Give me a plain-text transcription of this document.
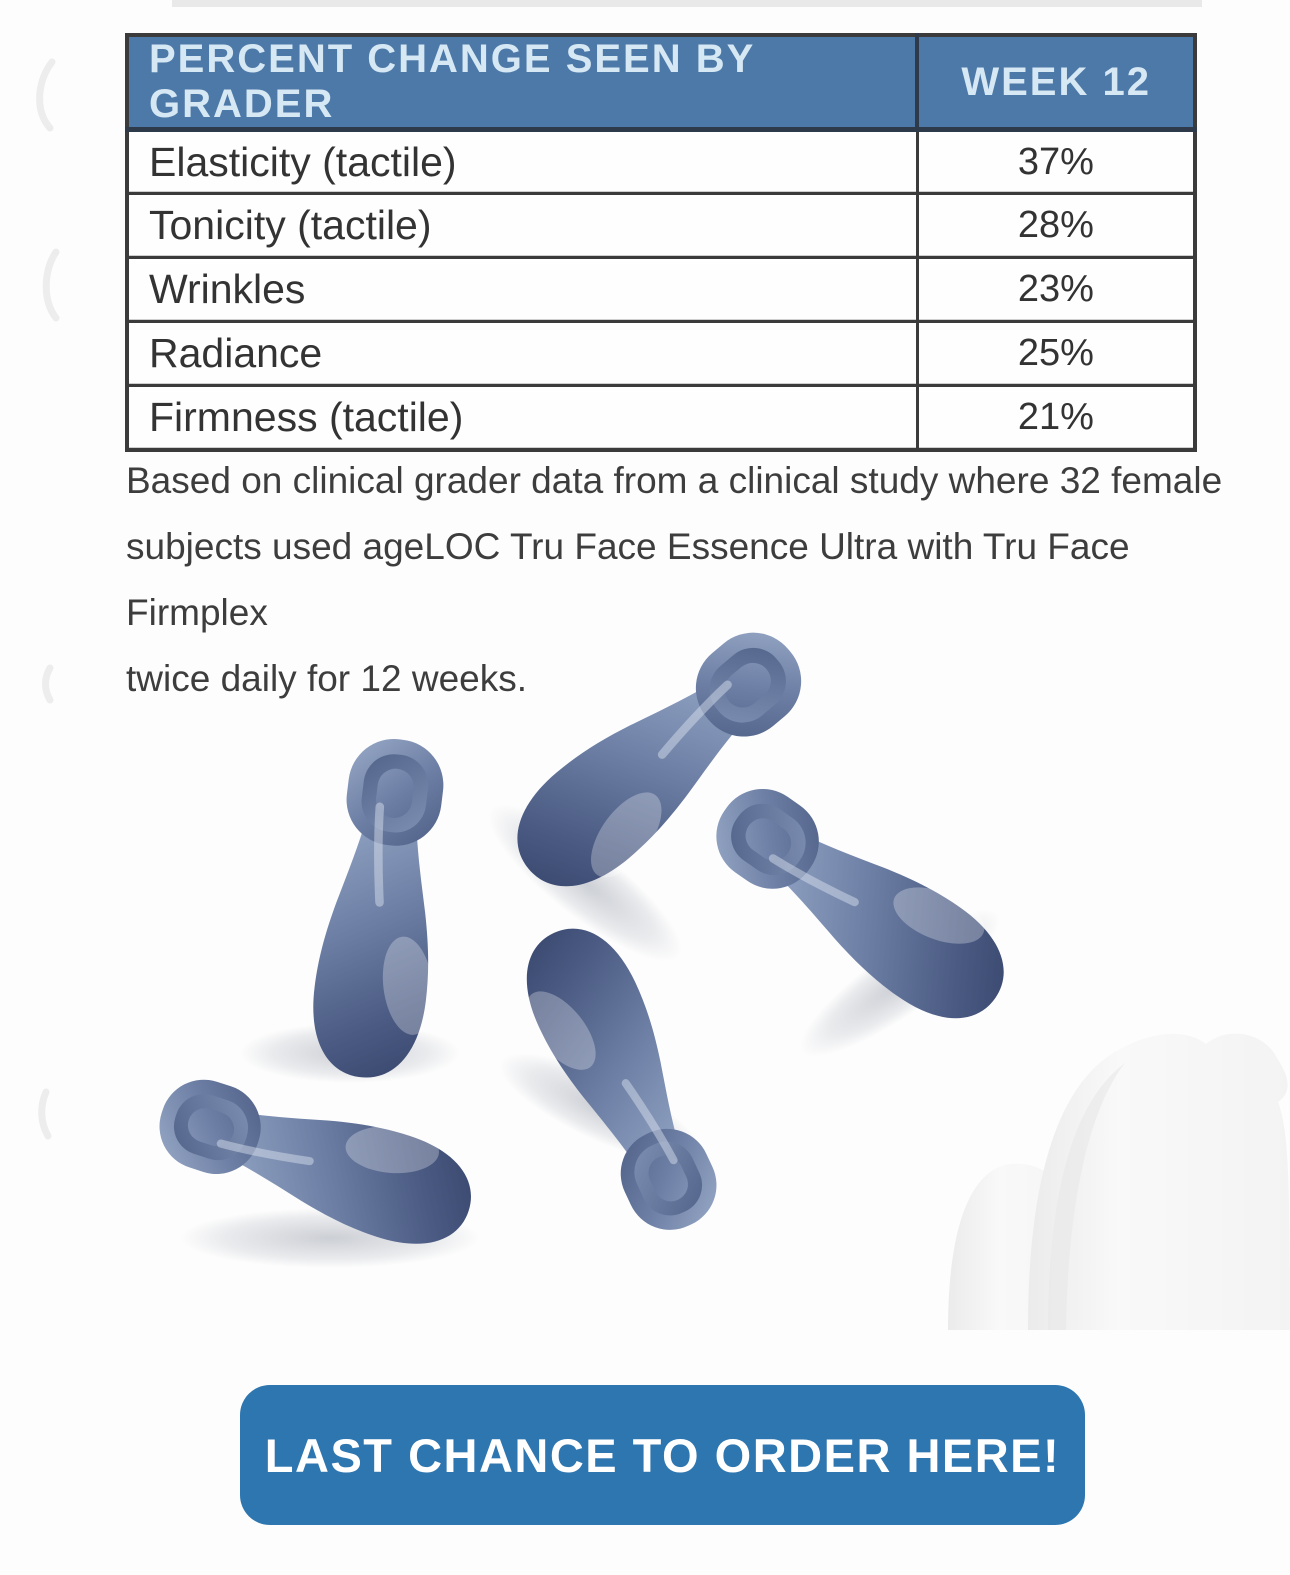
PERCENT CHANGE SEEN BY GRADER	WEEK 12
Elasticity (tactile)	37%
Tonicity (tactile)	28%
Wrinkles	23%
Radiance	25%
Firmness (tactile)	21%
Based on clinical grader data from a clinical study where 32 female
subjects used ageLOC Tru Face Essence Ultra with Tru Face Firmplex
twice daily for 12 weeks.
LAST CHANCE TO ORDER HERE!
